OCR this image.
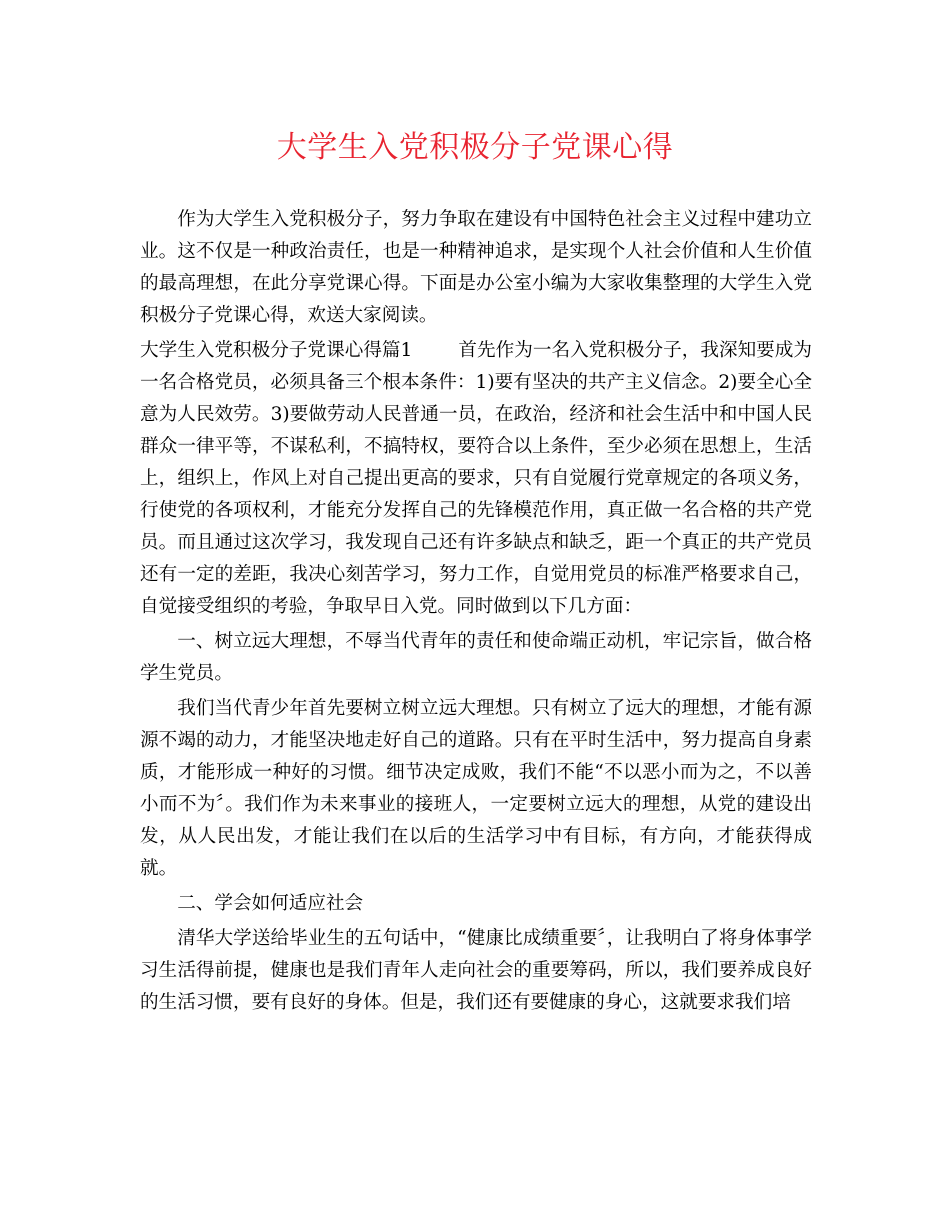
大学生入党积极分子党课心得

作为大学生入党积极分子，努力争取在建设有中国特色社会主义过程中建功立业。这不仅是一种政治责任，也是一种精神追求，是实现个人社会价值和人生价值的最高理想，在此分享党课心得。下面是办公室小编为大家收集整理的大学生入党积极分子党课心得，欢送大家阅读。

大学生入党积极分子党课心得篇1 首先作为一名入党积极分子，我深知要成为一名合格党员，必须具备三个根本条件：1)要有坚决的共产主义信念。2)要全心全意为人民效劳。3)要做劳动人民普通一员，在政治，经济和社会生活中和中国人民群众一律平等，不谋私利，不搞特权，要符合以上条件，至少必须在思想上，生活上，组织上，作风上对自己提出更高的要求，只有自觉履行党章规定的各项义务，行使党的各项权利，才能充分发挥自己的先锋模范作用，真正做一名合格的共产党员。而且通过这次学习，我发现自己还有许多缺点和缺乏，距一个真正的共产党员还有一定的差距，我决心刻苦学习，努力工作，自觉用党员的标准严格要求自己，自觉接受组织的考验，争取早日入党。同时做到以下几方面：

一、树立远大理想，不辱当代青年的责任和使命端正动机，牢记宗旨，做合格学生党员。

我们当代青少年首先要树立树立远大理想。只有树立了远大的理想，才能有源源不竭的动力，才能坚决地走好自己的道路。只有在平时生活中，努力提高自身素质，才能形成一种好的习惯。细节决定成败，我们不能“不以恶小而为之，不以善小而不为〞。我们作为未来事业的接班人，一定要树立远大的理想，从党的建设出发，从人民出发，才能让我们在以后的生活学习中有目标，有方向，才能获得成就。

二、学会如何适应社会

清华大学送给毕业生的五句话中，“健康比成绩重要〞，让我明白了将身体事学习生活得前提，健康也是我们青年人走向社会的重要筹码，所以，我们要养成良好的生活习惯，要有良好的身体。但是，我们还有要健康的身心，这就要求我们培
